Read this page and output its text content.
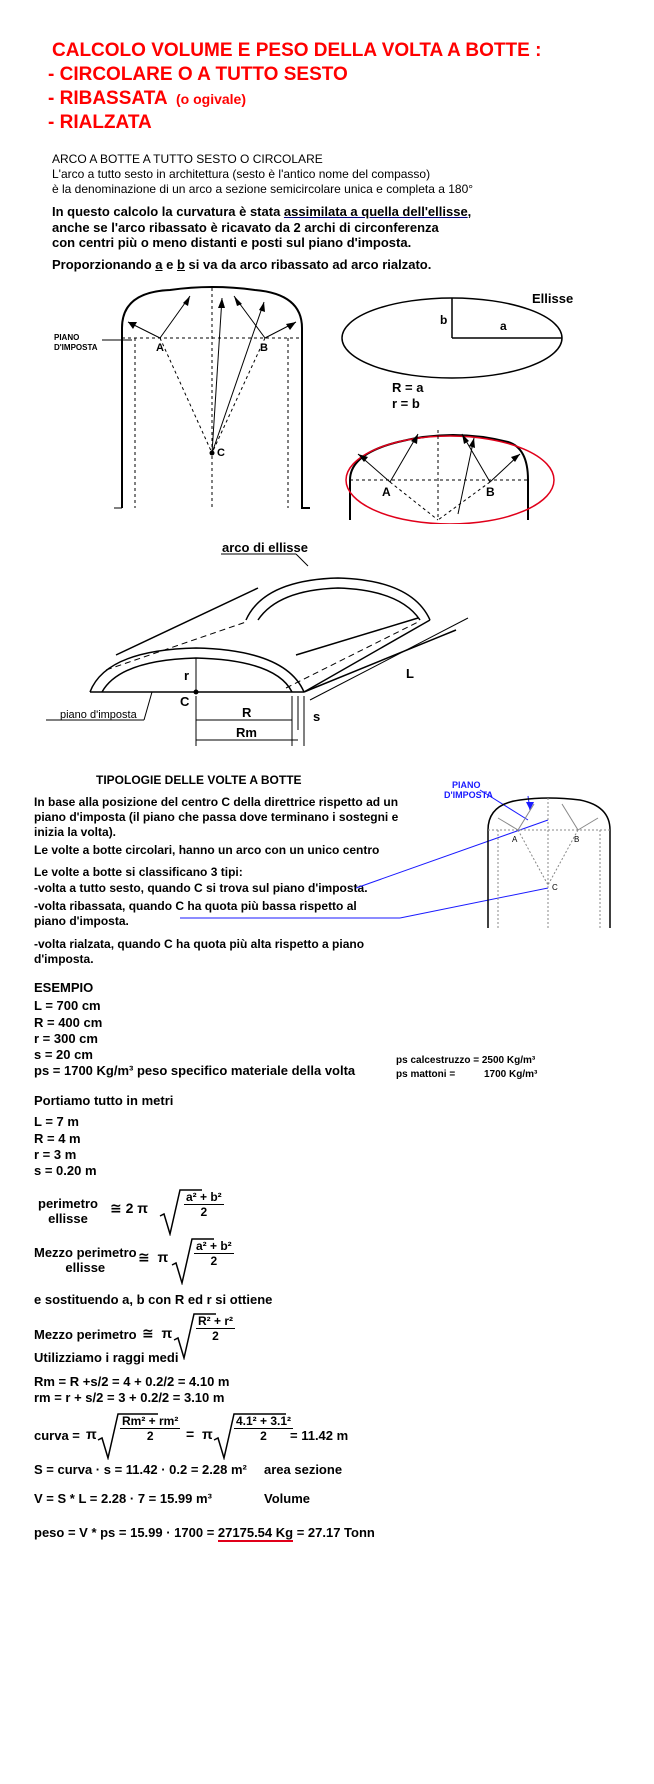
CALCOLO VOLUME E PESO DELLA VOLTA A BOTTE :
- CIRCOLARE O A TUTTO SESTO
- RIBASSATA (o ogivale)
- RIALZATA
ARCO A BOTTE A TUTTO SESTO O CIRCOLARE
L'arco a tutto sesto in architettura (sesto è l'antico nome del compasso)
è la denominazione di un arco a sezione semicircolare unica e completa a 180°
In questo calcolo la curvatura è stata assimilata a quella dell'ellisse,
anche se l'arco ribassato è ricavato da 2 archi di circonferenza
con centri più o meno distanti e posti sul piano d'imposta.
Proporzionando a e b si va da arco ribassato ad arco rialzato.
A	B
C
PIANO
D'IMPOSTA
Ellisse
a
b
R = a
r = b
A	B
arco di ellisse
L
r
C
piano d'imposta	R	s
Rm
TIPOLOGIE DELLE VOLTE A BOTTE
In base alla posizione del centro C della direttrice rispetto ad un
piano d'imposta (il piano che passa dove terminano i sostegni e
inizia la volta).
Le volte a botte circolari, hanno un arco con un unico centro
Le volte a botte si classificano 3 tipi:
-volta a tutto sesto, quando C si trova sul piano d'imposta.
-volta ribassata, quando C ha quota più bassa rispetto al
piano d'imposta.
-volta rialzata, quando C ha quota più alta rispetto a piano
d'imposta.
PIANO
D'IMPOSTA
A	B
C
ESEMPIO
L = 700 cm
R = 400 cm
r = 300 cm
s = 20 cm
ps = 1700 Kg/m³ peso specifico materiale della volta
ps calcestruzzo = 2500 Kg/m³
ps mattoni =	1700 Kg/m³
Portiamo tutto in metri
L = 7 m
R = 4 m
r = 3 m
s = 0.20 m
perimetro
ellisse
≅ 2 π	$\frac{\text{a² + b²}}{2}$
Mezzo perimetro
ellisse
≅ π $\frac{\text{a² + b²}}{2}$
e sostituendo a, b con R ed r si ottiene
Mezzo perimetro ≅ π $\frac{\text{R² + r²}}{2}$
Utilizziamo i raggi medi
Rm = R +s/2 = 4 + 0.2/2 = 4.10 m
rm = r + s/2 = 3 + 0.2/2 = 3.10 m
curva = π $\frac{\text{Rm² + rm²}}{2} = \pi \frac{\text{4.1² + 3.1²}}{2}$
= 11.42 m
S = curva · s = 11.42 · 0.2 = 2.28 m² area sezione
V = S * L = 2.28 · 7 = 15.99 m³	Volume
peso = V * ps = 15.99 · 1700 = 27175.54 Kg = 27.17 Tonn
